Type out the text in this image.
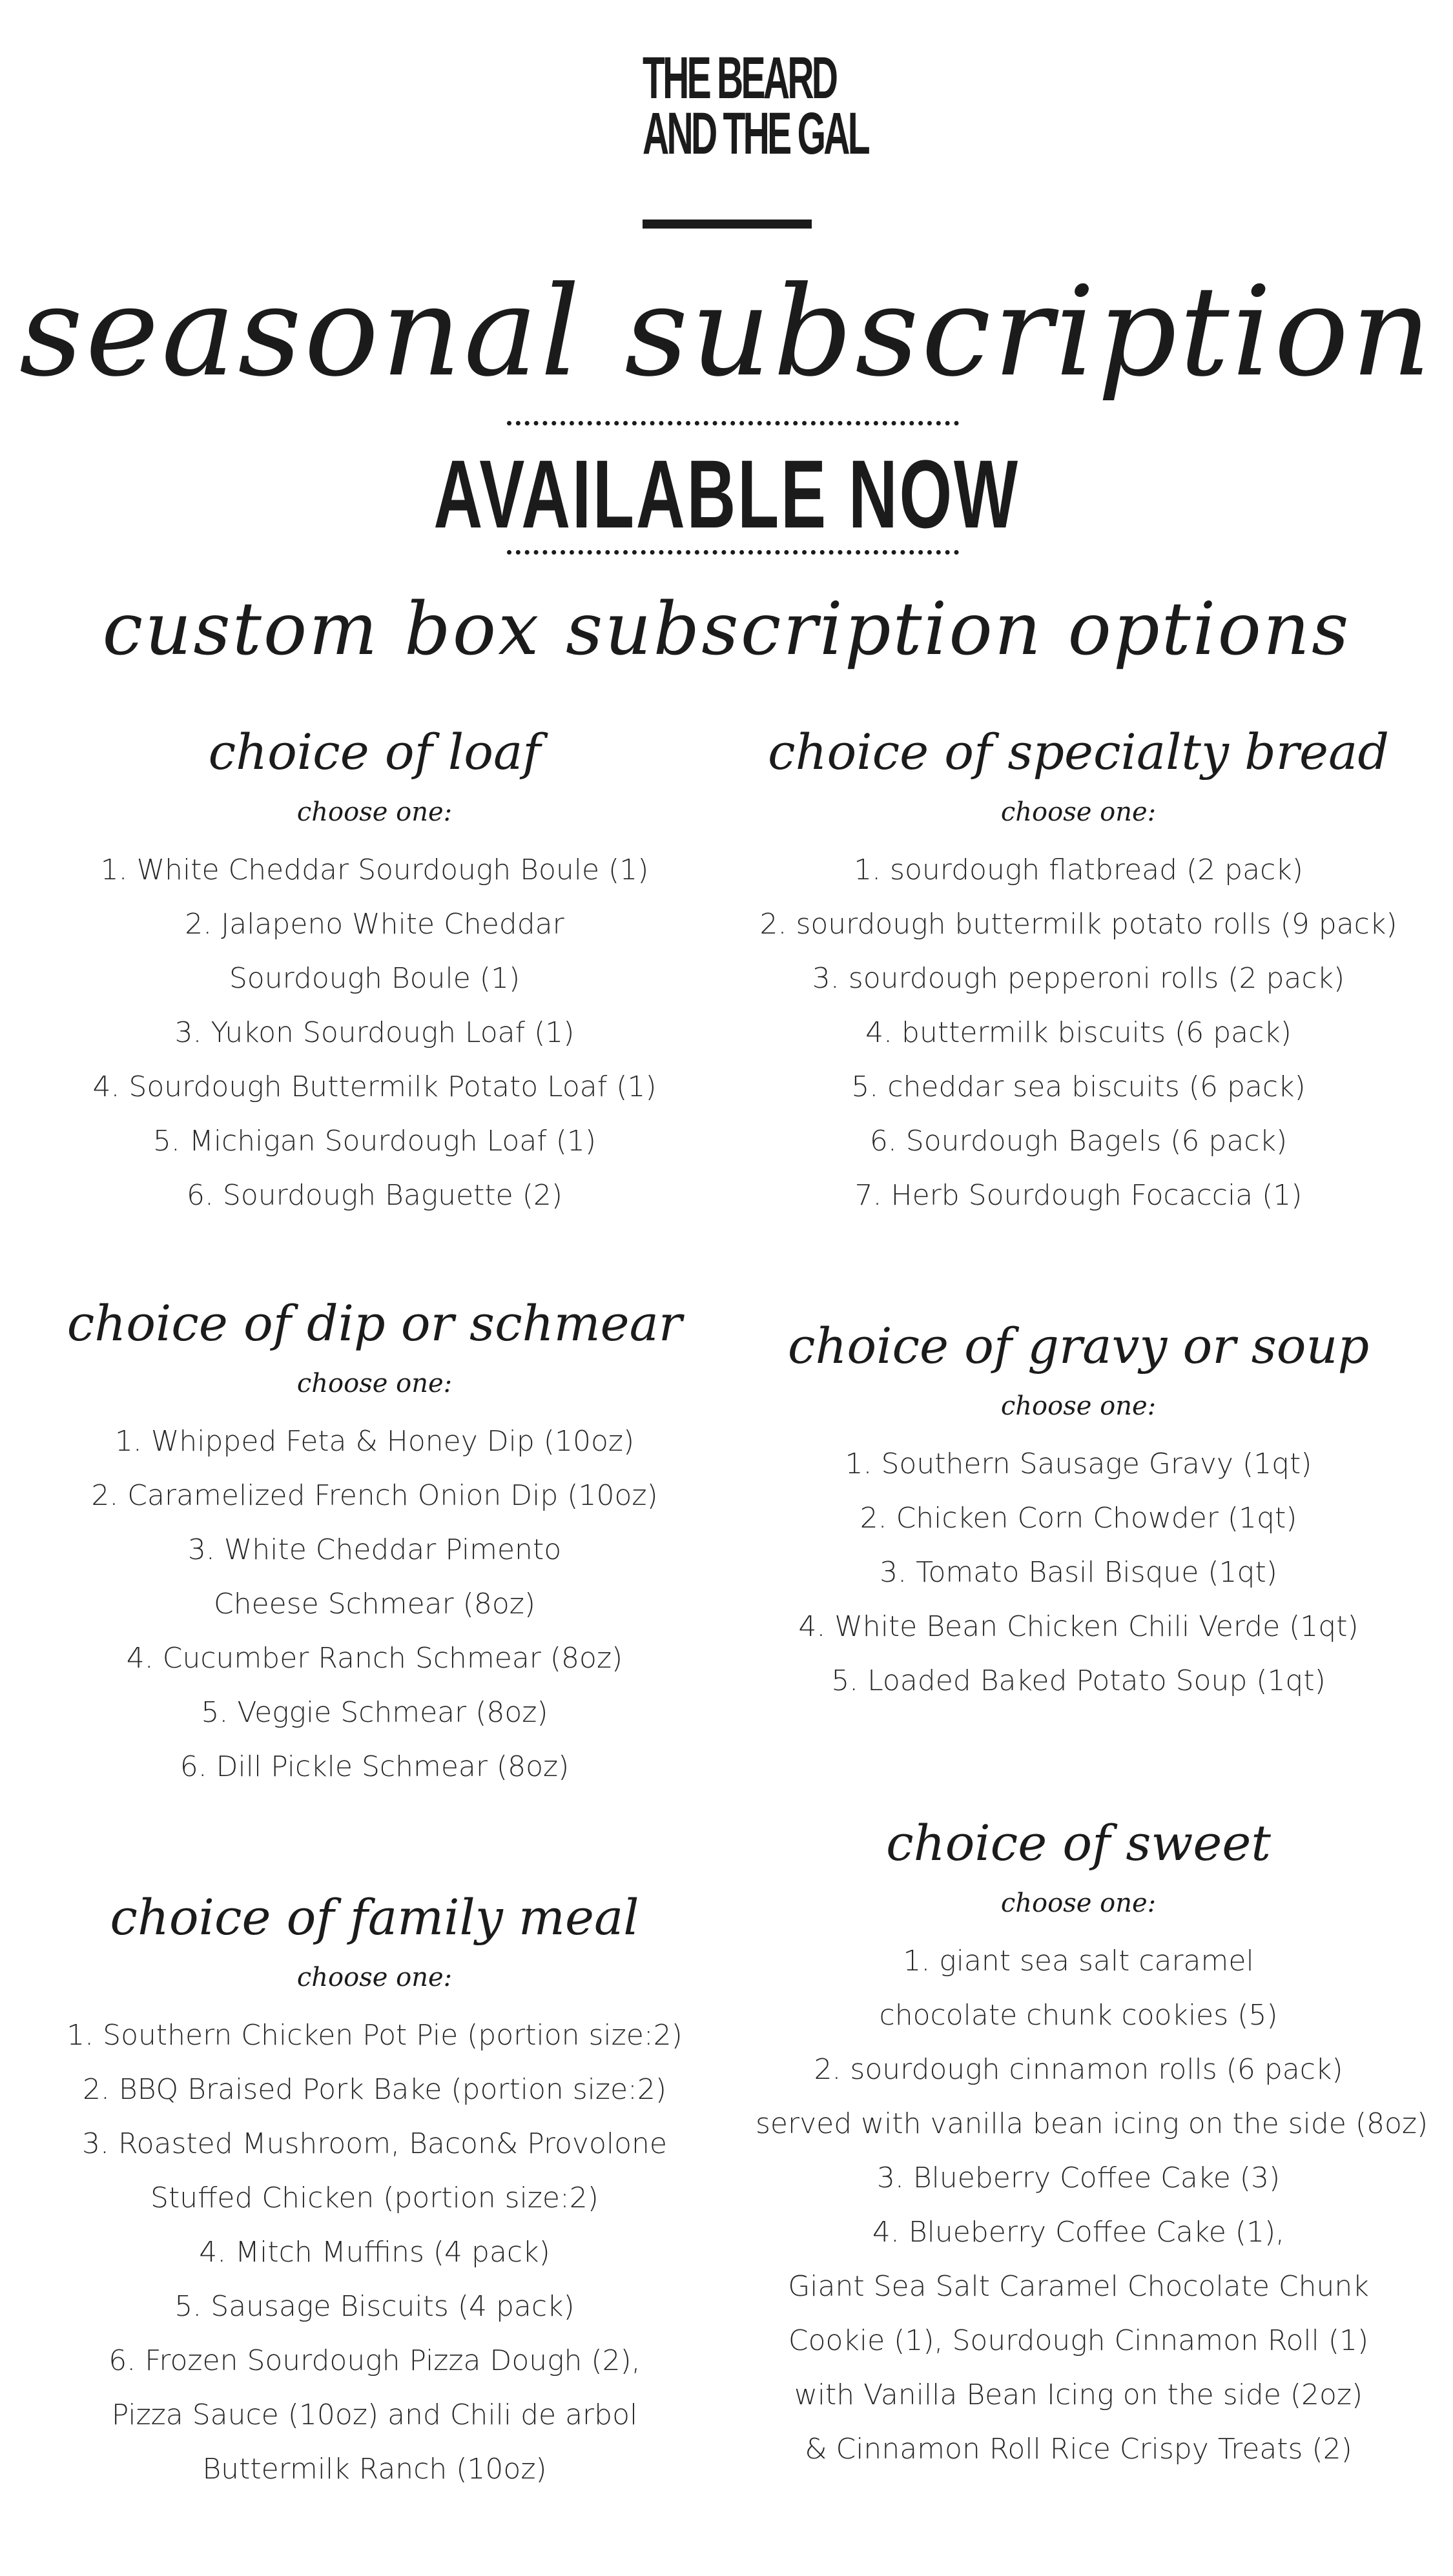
THE BEARD
AND THE GAL
seasonal subscription
AVAILABLE NOW
custom box subscription options
choice of loaf
choose one:
1. White Cheddar Sourdough Boule (1)
2. Jalapeno White Cheddar
Sourdough Boule (1)
3. Yukon Sourdough Loaf (1)
4. Sourdough Buttermilk Potato Loaf (1)
5. Michigan Sourdough Loaf (1)
6. Sourdough Baguette (2)
choice of specialty bread
choose one:
1. sourdough flatbread (2 pack)
2. sourdough buttermilk potato rolls (9 pack)
3. sourdough pepperoni rolls (2 pack)
4. buttermilk biscuits (6 pack)
5. cheddar sea biscuits (6 pack)
6. Sourdough Bagels (6 pack)
7. Herb Sourdough Focaccia (1)
choice of dip or schmear
choose one:
1. Whipped Feta & Honey Dip (10oz)
2. Caramelized French Onion Dip (10oz)
3. White Cheddar Pimento
Cheese Schmear (8oz)
4. Cucumber Ranch Schmear (8oz)
5. Veggie Schmear (8oz)
6. Dill Pickle Schmear (8oz)
choice of gravy or soup
choose one:
1. Southern Sausage Gravy (1qt)
2. Chicken Corn Chowder (1qt)
3. Tomato Basil Bisque (1qt)
4. White Bean Chicken Chili Verde (1qt)
5. Loaded Baked Potato Soup (1qt)
choice of family meal
choose one:
1. Southern Chicken Pot Pie (portion size:2)
2. BBQ Braised Pork Bake (portion size:2)
3. Roasted Mushroom, Bacon& Provolone
Stuffed Chicken (portion size:2)
4. Mitch Muffins (4 pack)
5. Sausage Biscuits (4 pack)
6. Frozen Sourdough Pizza Dough (2),
Pizza Sauce (10oz) and Chili de arbol
Buttermilk Ranch (10oz)
choice of sweet
choose one:
1. giant sea salt caramel
chocolate chunk cookies (5)
2. sourdough cinnamon rolls (6 pack)
served with vanilla bean icing on the side (8oz)
3. Blueberry Coffee Cake (3)
4. Blueberry Coffee Cake (1),
Giant Sea Salt Caramel Chocolate Chunk
Cookie (1), Sourdough Cinnamon Roll (1)
with Vanilla Bean Icing on the side (2oz)
& Cinnamon Roll Rice Crispy Treats (2)
